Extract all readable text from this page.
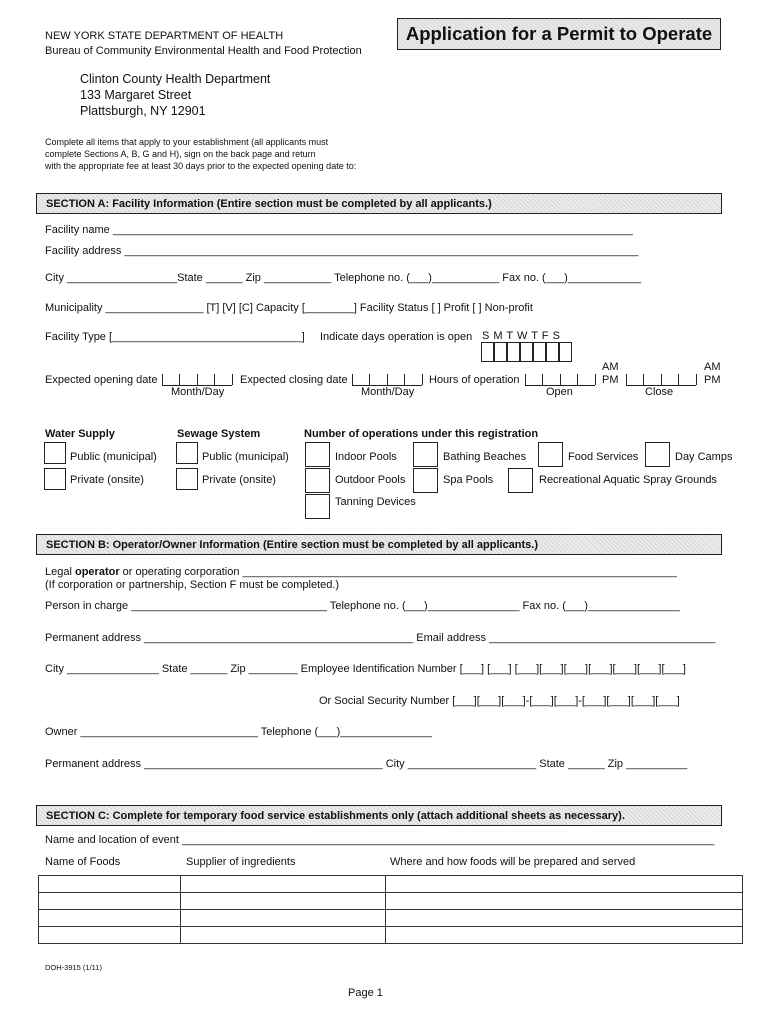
NEW YORK STATE DEPARTMENT OF HEALTH
Bureau of Community Environmental Health and Food Protection
Application for a Permit to Operate
Clinton County Health Department
133 Margaret Street
Plattsburgh, NY 12901
Complete all items that apply to your establishment (all applicants must
complete Sections A, B, G and H), sign on the back page and return
with the appropriate fee at least 30 days prior to the expected opening date to:
SECTION A: Facility Information (Entire section must be completed by all applicants.)
Facility name _____________________________________________________________________________________
Facility address ____________________________________________________________________________________
City __________________State ______ Zip ___________ Telephone no. (___)___________ Fax no. (___)____________
Municipality ________________ [T] [V] [C] Capacity [________] Facility Status [ ] Profit [ ] Non-profit
Facility Type [_______________________________] Indicate days operation is open S M T W T F S
Expected opening date
Month/Day
Expected closing date
Month/Day
Hours of operation
AM
PM
Open
AM
PM
Close
Water Supply
Public (municipal)
Private (onsite)
Sewage System
Public (municipal)
Private (onsite)
Number of operations under this registration
Indoor Pools	Bathing Beaches	Food Services	Day Camps
Outdoor Pools	Spa Pools	Recreational Aquatic Spray Grounds
Tanning Devices
SECTION B: Operator/Owner Information (Entire section must be completed by all applicants.)
Legal operator or operating corporation _______________________________________________________________________
(If corporation or partnership, Section F must be completed.)
Person in charge ________________________________ Telephone no. (___)_______________ Fax no. (___)_______________
Permanent address ____________________________________________ Email address _____________________________________
City _______________ State ______ Zip ________ Employee Identification Number [___] [___] [___][___][___][___][___][___][___]
Or Social Security Number [___][___][___]-[___][___]-[___][___][___][___]
Owner _____________________________ Telephone (___)_______________
Permanent address _______________________________________ City _____________________ State ______ Zip __________
SECTION C: Complete for temporary food service establishments only (attach additional sheets as necessary).
Name and location of event _______________________________________________________________________________________
Name of Foods	Supplier of ingredients	Where and how foods will be prepared and served

DOH-3915 (1/11)
Page 1
